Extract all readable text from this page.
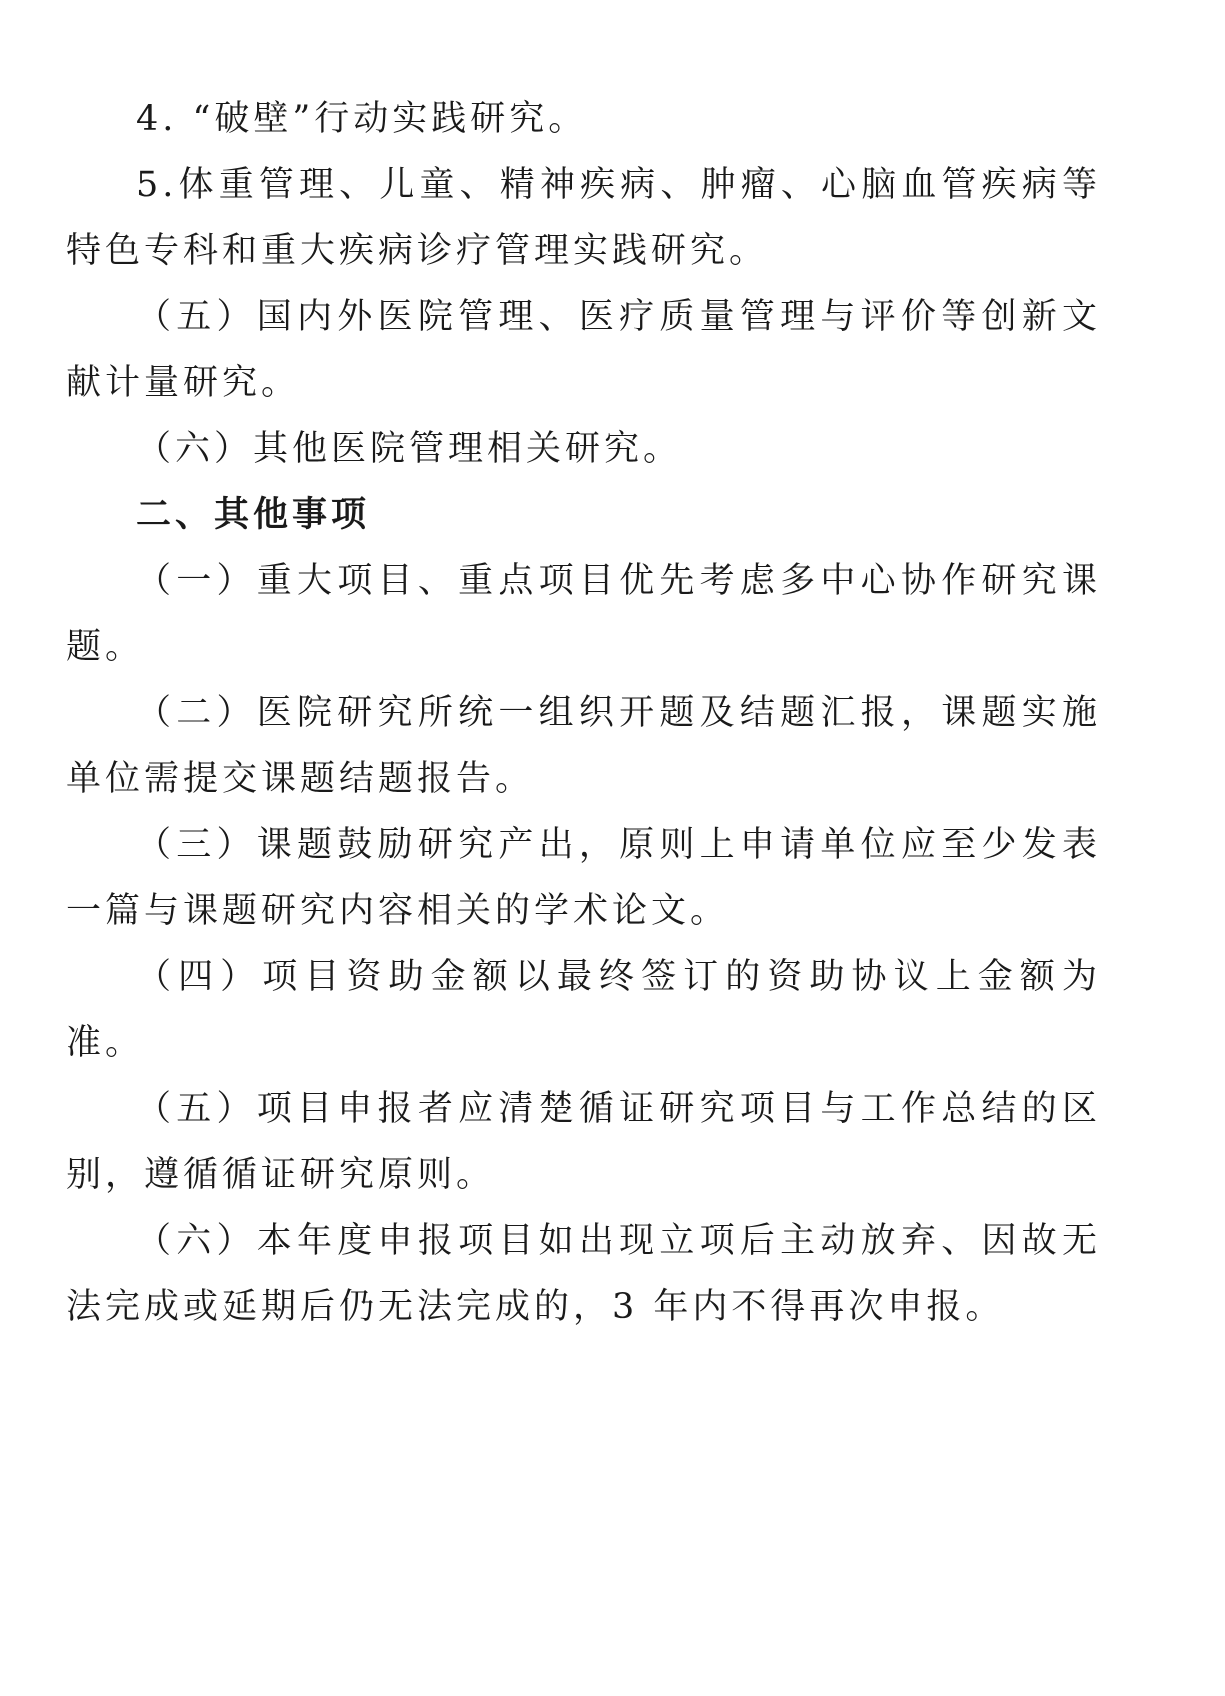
4. “破壁”行动实践研究。

5.体重管理、儿童、精神疾病、肿瘤、心脑血管疾病等特色专科和重大疾病诊疗管理实践研究。

（五）国内外医院管理、医疗质量管理与评价等创新文献计量研究。

（六）其他医院管理相关研究。

二、其他事项

（一）重大项目、重点项目优先考虑多中心协作研究课题。

（二）医院研究所统一组织开题及结题汇报，课题实施单位需提交课题结题报告。

（三）课题鼓励研究产出，原则上申请单位应至少发表一篇与课题研究内容相关的学术论文。

（四）项目资助金额以最终签订的资助协议上金额为准。

（五）项目申报者应清楚循证研究项目与工作总结的区别，遵循循证研究原则。

（六）本年度申报项目如出现立项后主动放弃、因故无法完成或延期后仍无法完成的，3 年内不得再次申报。
